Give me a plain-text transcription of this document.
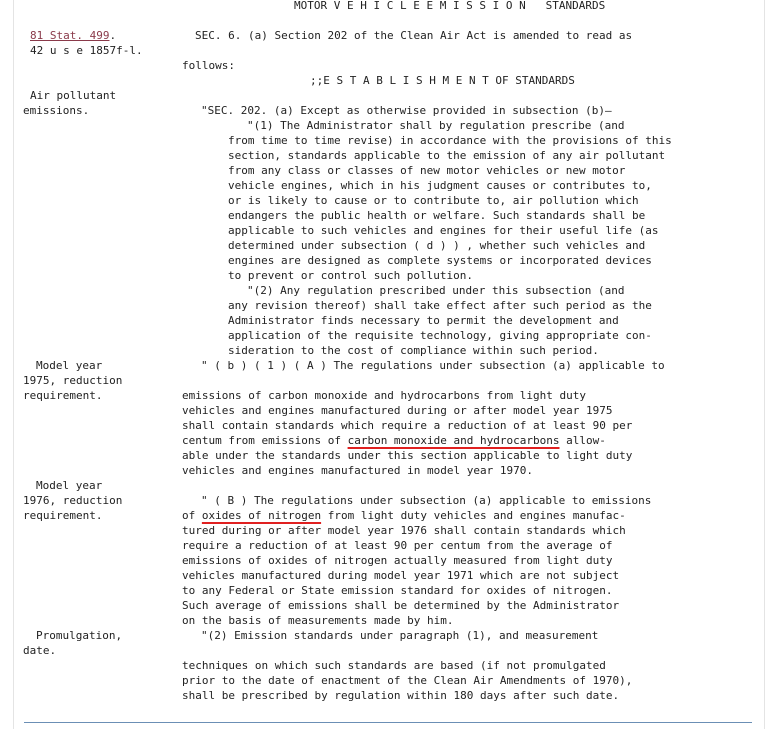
MOTOR V E H I C L E E M I S S I O N   STANDARDS
81 Stat. 499.
42 u s e 1857f-l.
Air pollutant
emissions.
Model year
1975, reduction
requirement.
Model year
1976, reduction
requirement.
Promulgation,
date.
SEC. 6. (a) Section 202 of the Clean Air Act is amended to read as
follows:
;;E S T A B L I S H M E N T OF STANDARDS
"SEC. 202. (a) Except as otherwise provided in subsection (b)—
"(1) The Administrator shall by regulation prescribe (and
from time to time revise) in accordance with the provisions of this
section, standards applicable to the emission of any air pollutant
from any class or classes of new motor vehicles or new motor
vehicle engines, which in his judgment causes or contributes to,
or is likely to cause or to contribute to, air pollution which
endangers the public health or welfare. Such standards shall be
applicable to such vehicles and engines for their useful life (as
determined under subsection ( d ) ) , whether such vehicles and
engines are designed as complete systems or incorporated devices
to prevent or control such pollution.
"(2) Any regulation prescribed under this subsection (and
any revision thereof) shall take effect after such period as the
Administrator finds necessary to permit the development and
application of the requisite technology, giving appropriate con-
sideration to the cost of compliance within such period.
" ( b ) ( 1 ) ( A ) The regulations under subsection (a) applicable to
emissions of carbon monoxide and hydrocarbons from light duty
vehicles and engines manufactured during or after model year 1975
shall contain standards which require a reduction of at least 90 per
centum from emissions of carbon monoxide and hydrocarbons allow-
able under the standards under this section applicable to light duty
vehicles and engines manufactured in model year 1970.
" ( B ) The regulations under subsection (a) applicable to emissions
of oxides of nitrogen from light duty vehicles and engines manufac-
tured during or after model year 1976 shall contain standards which
require a reduction of at least 90 per centum from the average of
emissions of oxides of nitrogen actually measured from light duty
vehicles manufactured during model year 1971 which are not subject
to any Federal or State emission standard for oxides of nitrogen.
Such average of emissions shall be determined by the Administrator
on the basis of measurements made by him.
"(2) Emission standards under paragraph (1), and measurement
techniques on which such standards are based (if not promulgated
prior to the date of enactment of the Clean Air Amendments of 1970),
shall be prescribed by regulation within 180 days after such date.
